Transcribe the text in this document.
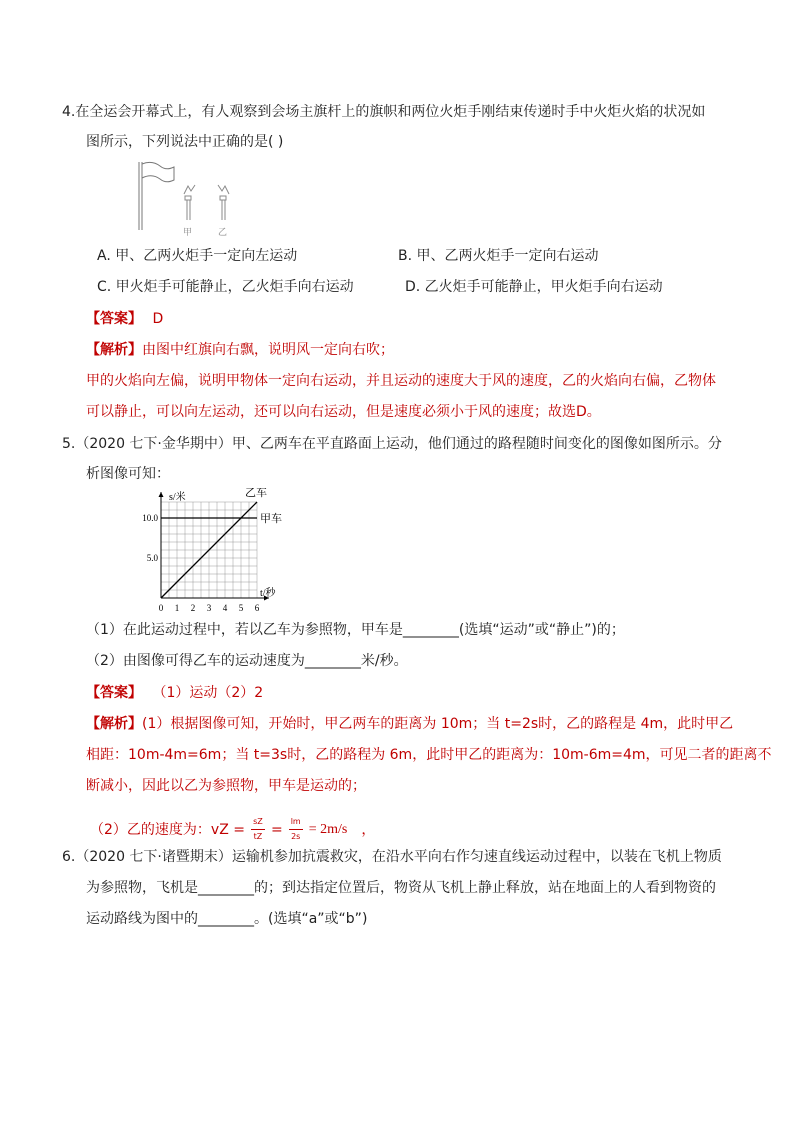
4.在全运会开幕式上，有人观察到会场主旗杆上的旗帜和两位火炬手刚结束传递时手中火炬火焰的状况如
图所示，下列说法中正确的是( )
甲	乙
A. 甲、乙两火炬手一定向左运动	B. 甲、乙两火炬手一定向右运动
C. 甲火炬手可能静止，乙火炬手向右运动	D. 乙火炬手可能静止，甲火炬手向右运动
【答案】 D
【解析】由图中红旗向右飘，说明风一定向右吹；
甲的火焰向左偏，说明甲物体一定向右运动，并且运动的速度大于风的速度，乙的火焰向右偏，乙物体
可以静止，可以向左运动，还可以向右运动，但是速度必须小于风的速度；故选D。
5.（2020 七下·金华期中）甲、乙两车在平直路面上运动，他们通过的路程随时间变化的图像如图所示。分
析图像可知：
0 1 2 3 4 5 6
5.0
10.0
s/米
t/秒
甲车
乙车
（1）在此运动过程中，若以乙车为参照物，甲车是________(选填“运动”或“静止”)的；
（2）由图像可得乙车的运动速度为________米/秒。
【答案】 （1）运动（2）2
【解析】(1）根据图像可知，开始时，甲乙两车的距离为 10m；当 t=2s时，乙的路程是 4m，此时甲乙
相距：10m-4m=6m；当 t=3s时，乙的路程为 6m，此时甲乙的距离为：10m-6m=4m，可见二者的距离不
断减小，因此以乙为参照物，甲车是运动的；
（2）乙的速度为：vZ = sZ
tZ = lm
2s = 2m/s ，
6.（2020 七下·诸暨期末）运输机参加抗震救灾，在沿水平向右作匀速直线运动过程中，以装在飞机上物质
为参照物，飞机是________的；到达指定位置后，物资从飞机上静止释放，站在地面上的人看到物资的
运动路线为图中的________。(选填“a”或“b”)
